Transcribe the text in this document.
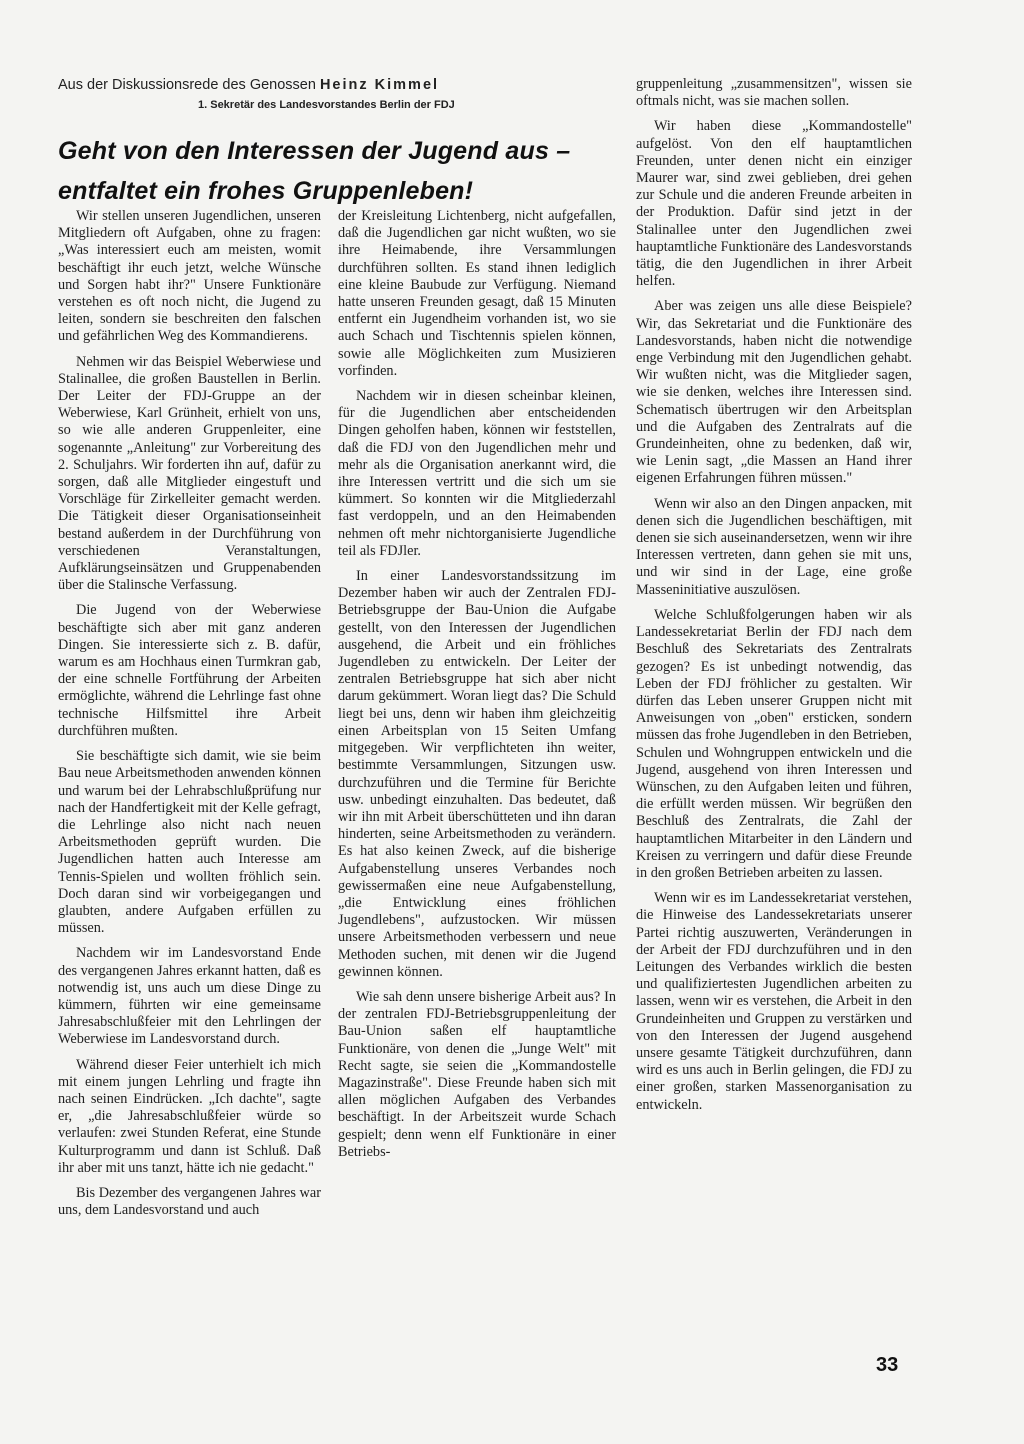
Aus der Diskussionsrede des Genossen Heinz Kimmel
1. Sekretär des Landesvorstandes Berlin der FDJ
Geht von den Interessen der Jugend aus –
entfaltet ein frohes Gruppenleben!

Wir stellen unseren Jugendlichen, unseren Mitgliedern oft Aufgaben, ohne zu fragen: „Was interessiert euch am meisten, womit beschäftigt ihr euch jetzt, welche Wünsche und Sorgen habt ihr?" Unsere Funktionäre verstehen es oft noch nicht, die Jugend zu leiten, sondern sie beschreiten den falschen und gefährlichen Weg des Kommandierens.

Nehmen wir das Beispiel Weberwiese und Stalinallee, die großen Baustellen in Berlin. Der Leiter der FDJ-Gruppe an der Weberwiese, Karl Grünheit, erhielt von uns, so wie alle anderen Gruppenleiter, eine sogenannte „Anleitung" zur Vorbereitung des 2. Schuljahrs. Wir forderten ihn auf, dafür zu sorgen, daß alle Mitglieder eingestuft und Vorschläge für Zirkelleiter gemacht werden. Die Tätigkeit dieser Organisationseinheit bestand außerdem in der Durchführung von verschiedenen Veranstaltungen, Aufklärungseinsätzen und Gruppenabenden über die Stalinsche Verfassung.

Die Jugend von der Weberwiese beschäftigte sich aber mit ganz anderen Dingen. Sie interessierte sich z. B. dafür, warum es am Hochhaus einen Turmkran gab, der eine schnelle Fortführung der Arbeiten ermöglichte, während die Lehrlinge fast ohne technische Hilfsmittel ihre Arbeit durchführen mußten.

Sie beschäftigte sich damit, wie sie beim Bau neue Arbeitsmethoden anwenden können und warum bei der Lehrabschlußprüfung nur nach der Handfertigkeit mit der Kelle gefragt, die Lehrlinge also nicht nach neuen Arbeitsmethoden geprüft wurden. Die Jugendlichen hatten auch Interesse am Tennis-Spielen und wollten fröhlich sein. Doch daran sind wir vorbeigegangen und glaubten, andere Aufgaben erfüllen zu müssen.

Nachdem wir im Landesvorstand Ende des vergangenen Jahres erkannt hatten, daß es notwendig ist, uns auch um diese Dinge zu kümmern, führten wir eine gemeinsame Jahresabschlußfeier mit den Lehrlingen der Weberwiese im Landesvorstand durch.

Während dieser Feier unterhielt ich mich mit einem jungen Lehrling und fragte ihn nach seinen Eindrücken. „Ich dachte", sagte er, „die Jahresabschlußfeier würde so verlaufen: zwei Stunden Referat, eine Stunde Kulturprogramm und dann ist Schluß. Daß ihr aber mit uns tanzt, hätte ich nie gedacht."

Bis Dezember des vergangenen Jahres war uns, dem Landesvorstand und auch

der Kreisleitung Lichtenberg, nicht aufgefallen, daß die Jugendlichen gar nicht wußten, wo sie ihre Heimabende, ihre Versammlungen durchführen sollten. Es stand ihnen lediglich eine kleine Baubude zur Verfügung. Niemand hatte unseren Freunden gesagt, daß 15 Minuten entfernt ein Jugendheim vorhanden ist, wo sie auch Schach und Tischtennis spielen können, sowie alle Möglichkeiten zum Musizieren vorfinden.

Nachdem wir in diesen scheinbar kleinen, für die Jugendlichen aber entscheidenden Dingen geholfen haben, können wir feststellen, daß die FDJ von den Jugendlichen mehr und mehr als die Organisation anerkannt wird, die ihre Interessen vertritt und die sich um sie kümmert. So konnten wir die Mitgliederzahl fast verdoppeln, und an den Heimabenden nehmen oft mehr nichtorganisierte Jugendliche teil als FDJler.

In einer Landesvorstandssitzung im Dezember haben wir auch der Zentralen FDJ-Betriebsgruppe der Bau-Union die Aufgabe gestellt, von den Interessen der Jugendlichen ausgehend, die Arbeit und ein fröhliches Jugendleben zu entwickeln. Der Leiter der zentralen Betriebsgruppe hat sich aber nicht darum gekümmert. Woran liegt das? Die Schuld liegt bei uns, denn wir haben ihm gleichzeitig einen Arbeitsplan von 15 Seiten Umfang mitgegeben. Wir verpflichteten ihn weiter, bestimmte Versammlungen, Sitzungen usw. durchzuführen und die Termine für Berichte usw. unbedingt einzuhalten. Das bedeutet, daß wir ihn mit Arbeit überschütteten und ihn daran hinderten, seine Arbeitsmethoden zu verändern. Es hat also keinen Zweck, auf die bisherige Aufgabenstellung unseres Verbandes noch gewissermaßen eine neue Aufgabenstellung, „die Entwicklung eines fröhlichen Jugendlebens", aufzustocken. Wir müssen unsere Arbeitsmethoden verbessern und neue Methoden suchen, mit denen wir die Jugend gewinnen können.

Wie sah denn unsere bisherige Arbeit aus? In der zentralen FDJ-Betriebsgruppenleitung der Bau-Union saßen elf hauptamtliche Funktionäre, von denen die „Junge Welt" mit Recht sagte, sie seien die „Kommandostelle Magazinstraße". Diese Freunde haben sich mit allen möglichen Aufgaben des Verbandes beschäftigt. In der Arbeitszeit wurde Schach gespielt; denn wenn elf Funktionäre in einer Betriebs-

gruppenleitung „zusammensitzen", wissen sie oftmals nicht, was sie machen sollen.

Wir haben diese „Kommandostelle" aufgelöst. Von den elf hauptamtlichen Freunden, unter denen nicht ein einziger Maurer war, sind zwei geblieben, drei gehen zur Schule und die anderen Freunde arbeiten in der Produktion. Dafür sind jetzt in der Stalinallee unter den Jugendlichen zwei hauptamtliche Funktionäre des Landesvorstands tätig, die den Jugendlichen in ihrer Arbeit helfen.

Aber was zeigen uns alle diese Beispiele? Wir, das Sekretariat und die Funktionäre des Landesvorstands, haben nicht die notwendige enge Verbindung mit den Jugendlichen gehabt. Wir wußten nicht, was die Mitglieder sagen, wie sie denken, welches ihre Interessen sind. Schematisch übertrugen wir den Arbeitsplan und die Aufgaben des Zentralrats auf die Grundeinheiten, ohne zu bedenken, daß wir, wie Lenin sagt, „die Massen an Hand ihrer eigenen Erfahrungen führen müssen."

Wenn wir also an den Dingen anpacken, mit denen sich die Jugendlichen beschäftigen, mit denen sie sich auseinandersetzen, wenn wir ihre Interessen vertreten, dann gehen sie mit uns, und wir sind in der Lage, eine große Masseninitiative auszulösen.

Welche Schlußfolgerungen haben wir als Landessekretariat Berlin der FDJ nach dem Beschluß des Sekretariats des Zentralrats gezogen? Es ist unbedingt notwendig, das Leben der FDJ fröhlicher zu gestalten. Wir dürfen das Leben unserer Gruppen nicht mit Anweisungen von „oben" ersticken, sondern müssen das frohe Jugendleben in den Betrieben, Schulen und Wohngruppen entwickeln und die Jugend, ausgehend von ihren Interessen und Wünschen, zu den Aufgaben leiten und führen, die erfüllt werden müssen. Wir begrüßen den Beschluß des Zentralrats, die Zahl der hauptamtlichen Mitarbeiter in den Ländern und Kreisen zu verringern und dafür diese Freunde in den großen Betrieben arbeiten zu lassen.

Wenn wir es im Landessekretariat verstehen, die Hinweise des Landessekretariats unserer Partei richtig auszuwerten, Veränderungen in der Arbeit der FDJ durchzuführen und in den Leitungen des Verbandes wirklich die besten und qualifiziertesten Jugendlichen arbeiten zu lassen, wenn wir es verstehen, die Arbeit in den Grundeinheiten und Gruppen zu verstärken und von den Interessen der Jugend ausgehend unsere gesamte Tätigkeit durchzuführen, dann wird es uns auch in Berlin gelingen, die FDJ zu einer großen, starken Massenorganisation zu entwickeln.

33
